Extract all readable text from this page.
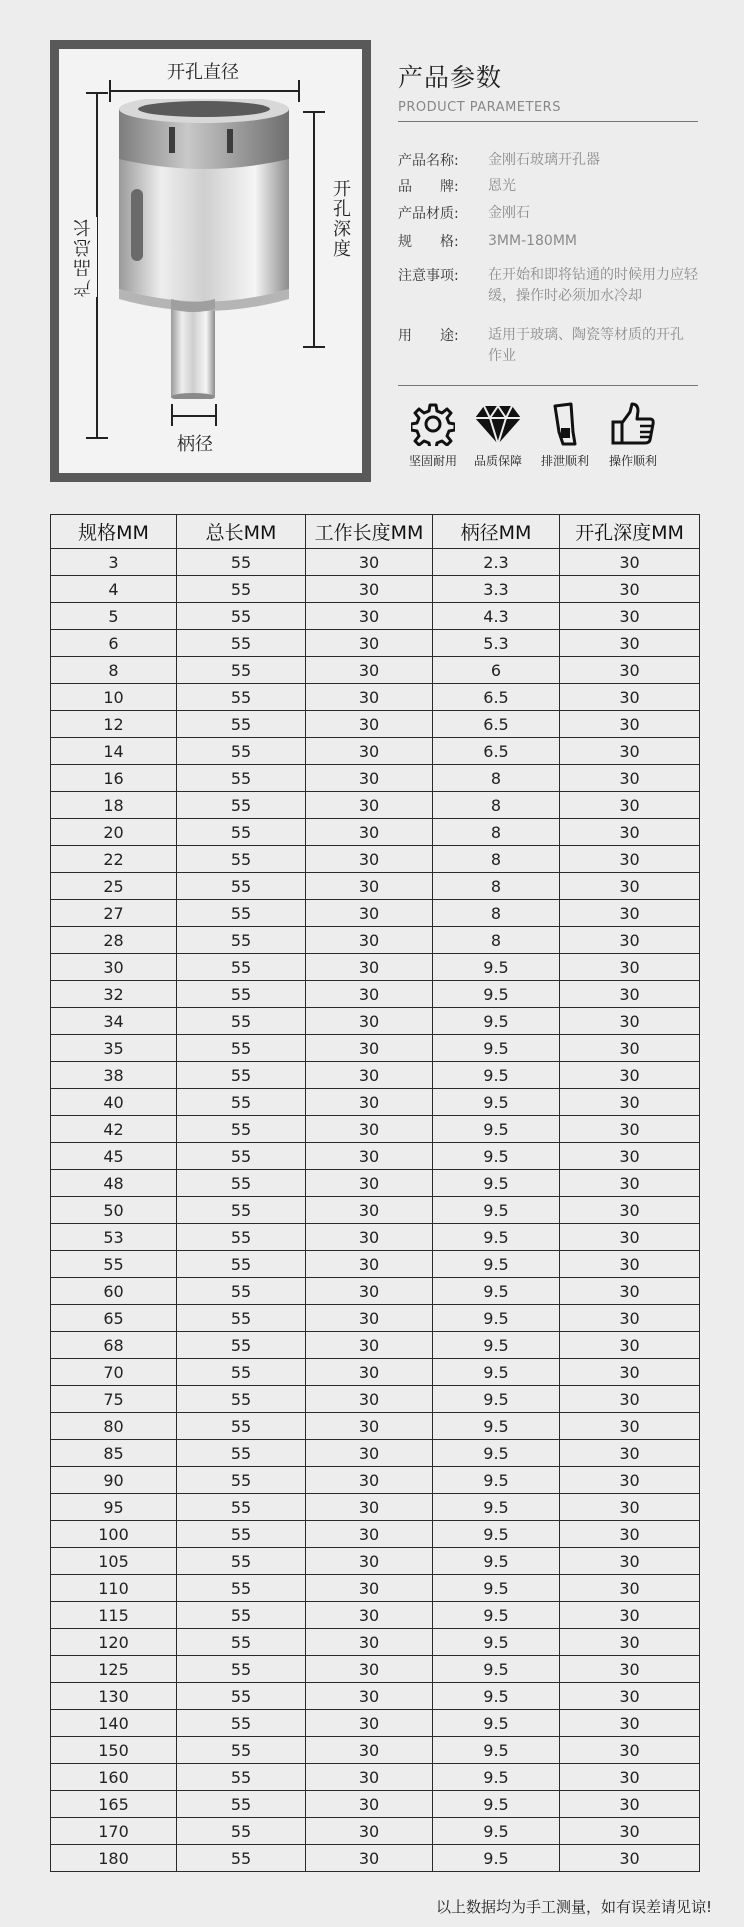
开孔直径
产品总长	开孔深度
柄径
产品参数
PRODUCT PARAMETERS
产品名称:	金刚石玻璃开孔器
品　　牌:	恩光
产品材质:	金刚石
规　　格:	3MM-180MM
注意事项:	在开始和即将钻通的时候用力应轻缓，操作时必须加水冷却
用　　途:	适用于玻璃、陶瓷等材质的开孔作业
坚固耐用	品质保障	排泄顺利	操作顺利
规格MM	总长MM	工作长度MM	柄径MM	开孔深度MM
3	55	30	2.3	30
4	55	30	3.3	30
5	55	30	4.3	30
6	55	30	5.3	30
8	55	30	6	30
10	55	30	6.5	30
12	55	30	6.5	30
14	55	30	6.5	30
16	55	30	8	30
18	55	30	8	30
20	55	30	8	30
22	55	30	8	30
25	55	30	8	30
27	55	30	8	30
28	55	30	8	30
30	55	30	9.5	30
32	55	30	9.5	30
34	55	30	9.5	30
35	55	30	9.5	30
38	55	30	9.5	30
40	55	30	9.5	30
42	55	30	9.5	30
45	55	30	9.5	30
48	55	30	9.5	30
50	55	30	9.5	30
53	55	30	9.5	30
55	55	30	9.5	30
60	55	30	9.5	30
65	55	30	9.5	30
68	55	30	9.5	30
70	55	30	9.5	30
75	55	30	9.5	30
80	55	30	9.5	30
85	55	30	9.5	30
90	55	30	9.5	30
95	55	30	9.5	30
100	55	30	9.5	30
105	55	30	9.5	30
110	55	30	9.5	30
115	55	30	9.5	30
120	55	30	9.5	30
125	55	30	9.5	30
130	55	30	9.5	30
140	55	30	9.5	30
150	55	30	9.5	30
160	55	30	9.5	30
165	55	30	9.5	30
170	55	30	9.5	30
180	55	30	9.5	30
以上数据均为手工测量，如有误差请见谅!
